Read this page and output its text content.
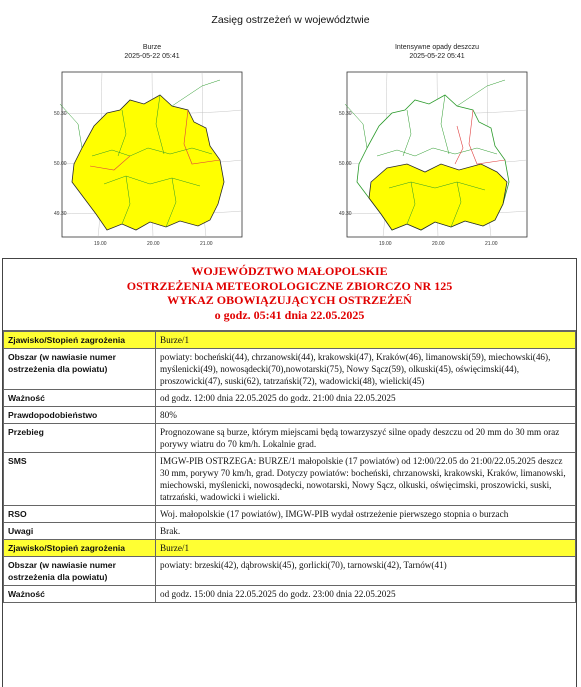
Zasięg ostrzeżeń w województwie
Burze
2025-05-22 05:41
50.30
50.00
49.30
19.00	20.00	21.00
Intensywne opady deszczu
2025-05-22 05:41
50.30
50.00
49.30
19.00	20.00	21.00
WOJEWÓDZTWO MAŁOPOLSKIE
OSTRZEŻENIA METEOROLOGICZNE ZBIORCZO NR 125
WYKAZ OBOWIĄZUJĄCYCH OSTRZEŻEŃ
o godz. 05:41 dnia 22.05.2025
Zjawisko/Stopień zagrożenia	Burze/1
Obszar (w nawiasie numer ostrzeżenia dla powiatu)	powiaty: bocheński(44), chrzanowski(44), krakowski(47), Kraków(46), limanowski(59), miechowski(46), myślenicki(49), nowosądecki(70),nowotarski(75), Nowy Sącz(59), olkuski(45), oświęcimski(44), proszowicki(47), suski(62), tatrzański(72), wadowicki(48), wielicki(45)
Ważność	od godz. 12:00 dnia 22.05.2025 do godz. 21:00 dnia 22.05.2025
Prawdopodobieństwo	80%
Przebieg	Prognozowane są burze, którym miejscami będą towarzyszyć silne opady deszczu od 20 mm do 30 mm oraz porywy wiatru do 70 km/h. Lokalnie grad.
SMS	IMGW-PIB OSTRZEGA: BURZE/1 małopolskie (17 powiatów) od 12:00/22.05 do 21:00/22.05.2025 deszcz 30 mm, porywy 70 km/h, grad. Dotyczy powiatów: bocheński, chrzanowski, krakowski, Kraków, limanowski, miechowski, myślenicki, nowosądecki, nowotarski, Nowy Sącz, olkuski, oświęcimski, proszowicki, suski, tatrzański, wadowicki i wielicki.
RSO	Woj. małopolskie (17 powiatów), IMGW-PIB wydał ostrzeżenie pierwszego stopnia o burzach
Uwagi	Brak.
Zjawisko/Stopień zagrożenia	Burze/1
Obszar (w nawiasie numer ostrzeżenia dla powiatu)	powiaty: brzeski(42), dąbrowski(45), gorlicki(70), tarnowski(42), Tarnów(41)
Ważność	od godz. 15:00 dnia 22.05.2025 do godz. 23:00 dnia 22.05.2025
